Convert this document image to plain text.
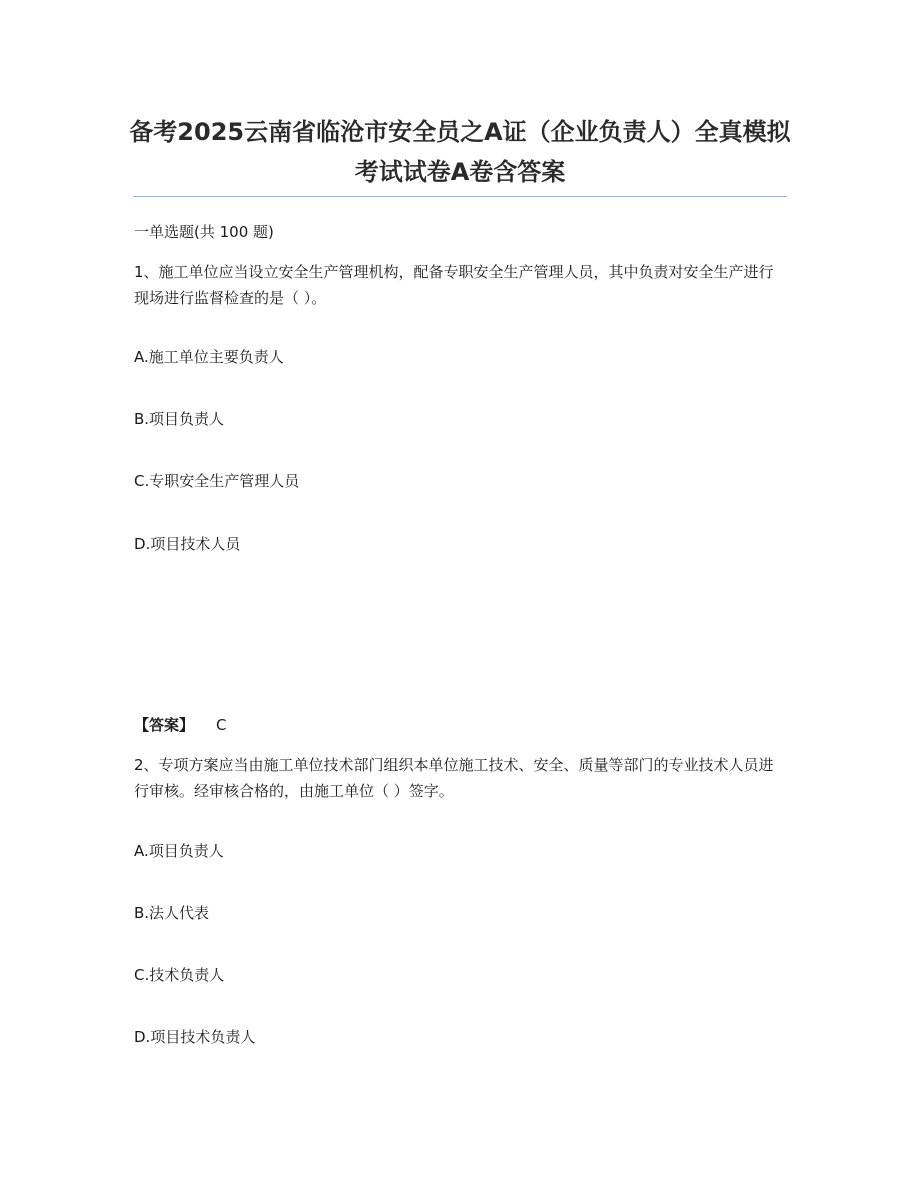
备考2025云南省临沧市安全员之A证（企业负责人）全真模拟考试试卷A卷含答案

一单选题(共 100 题)

1、施工单位应当设立安全生产管理机构，配备专职安全生产管理人员，其中负责对安全生产进行现场进行监督检查的是（ ）。

A.施工单位主要负责人

B.项目负责人

C.专职安全生产管理人员

D.项目技术人员

【答案】 C

2、专项方案应当由施工单位技术部门组织本单位施工技术、安全、质量等部门的专业技术人员进行审核。经审核合格的，由施工单位（ ）签字。

A.项目负责人

B.法人代表

C.技术负责人

D.项目技术负责人
